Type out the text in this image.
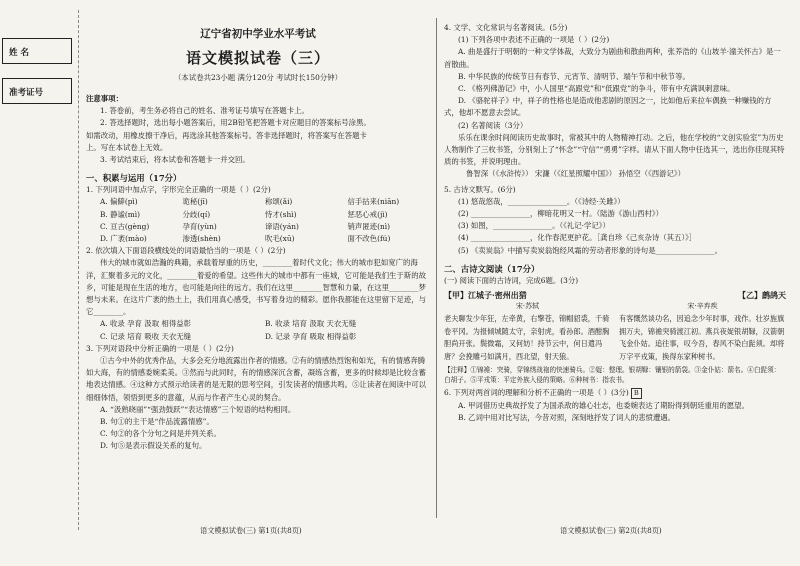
姓 名
准考证号
辽宁省初中学业水平考试
语文模拟试卷（三）
（本试卷共23小题 满分120分 考试时长150分钟）
注意事项：
1. 答卷前，考生务必将自己的姓名、准考证号填写在答题卡上。
2. 答选择题时，选出每小题答案后，用2B铅笔把答题卡对应题目的答案标号涂黑。
如需改动，用橡皮擦干净后，再选涂其他答案标号。答非选择题时，将答案写在答题卡
上。写在本试卷上无效。
3. 考试结束后，将本试卷和答题卡一并交回。
一、积累与运用（17分）
1. 下列词语中加点字，字形完全正确的一项是（ ）(2分)
A. 偏僻(pì)	诡秘(jī)	称颂(ǎi)	信手拈来(niān)
B. 静谧(mì)	分歧(qí)	恃才(shì)	惩恶心戒(jì)
C. 亘古(gèng)	孕育(yùn)	谛语(yán)	销声匿迹(nì)
D. 广袤(mào)	渗透(shèn)	吹毛(xū)	面不改色(fú)
2. 依次填入下面语段横线处的词语最恰当的一项是（ ）(2分)
伟大的城市就如浩瀚的典籍，承载着厚重的历史，________着时代文化；伟大的城市犯如宽广的海洋，汇聚着多元的文化，________着爱的希望。这些伟大的城市中都有一座城，它可能是我们生于斯的故乡，可能是现在生活的地方，也可能是向往的远方。我们在这里________智慧和力量，在这里________梦想与未来。在这片广袤的热土上，我们用真心感受，书写着身边的精彩。愿你我都能在这里留下足迹，与它________。
A. 收录 孕育 汲取 相得益彰	B. 收录 培育 汲取 天衣无缝
C. 记录 培育 吸收 天衣无缝	D. 记录 孕育 吸取 相得益彰
3. 下列对语段中分析正确的一项是（ ）(2分)
①古今中外的优秀作品，大多会充分地流露出作者的情感。②有的情感热烈饱和如光，有的情感奔腾如大海，有的情感委婉柔美。③然而与此同时，有的情感深沉含蓄，凝练含蓄，更多的时候却是比较含蓄地表达情感。④这种方式预示给读者的是无限的思考空间，引发读者的情感共鸣。⑤让读者在阅读中可以细细体悟，领悟到更多的意蕴，从而与作者产生心灵的契合。
A. “汲熟晓丽”“强劲鼓跃”“表达情感”三个短语的结构相同。
B. 句①的主干是“作品流露情感”。
C. 句②的各个分句之间是并列关系。
D. 句⑤是表示假设关系的复句。
语文模拟试卷(三) 第1页(共8页)
4. 文学、文化常识与名著阅读。(5分)
(1) 下列各项中表述不正确的一项是（ ）(2分)
A. 曲是盛行于明朝的一种文学体裁，大致分为剧曲和散曲两种，张养浩的《山坡羊·潼关怀古》是一首散曲。
B. 中华民族的传统节日有春节、元宵节、清明节、端午节和中秋节等。
C. 《格列佛游记》中，小人国里“高跟党”和“低跟党”的争斗，带有中充满讽刺意味。
D. 《骆驼祥子》中，祥子的性格也是造成他悲剧的原因之一，比如他后来拉车偶换一种赚钱的方式，他却不愿意去尝试。
(2) 名著阅读（3分）
乐乐在课余时间阅读历史故事时，常被其中的人物精神打动。之后，他在学校的“文创实验室”为历史人物制作了三枚书签，分别刻上了“怀念”“守信”“勇勇”字样。请从下面人物中任选其一，选出你佳现其特质的书签，并说明理由。
鲁智深（《水浒传》） 宋濂（《红星照耀中国》） 孙悟空（《西游记》）
5. 古诗文默写。(6分)
(1) 悠哉悠哉，________________。（《诗经·关雎》）
(2) ________________，柳暗花明又一村。（陆游《游山西村》）
(3) 如图，________________。（《礼记·学记》）
(4) ________________，化作春泥更护花。［龚自珍《己亥杂诗（其五）》］
(5) 《卖炭翁》中描写卖炭翁饱经风霜的劳动者形象的诗句是________________。
二、古诗文阅读（17分）
(一) 阅读下面的古诗词，完成6题。(3分)
【甲】江城子·密州出猎
宋·苏轼
老夫聊发少年狂，左牵黄，右擎苍，锦帽貂裘，千骑卷平冈。为报倾城随太守，亲射虎，看孙郎。酒酣胸胆尚开张。鬓微霜，又何妨！持节云中，何日遣冯唐？会挽雕弓如满月，西北望，射天狼。
【乙】鹧鸪天
宋·辛弃疾
有客慨然谈功名，因追念少年时事，戏作。壮岁旌旗拥万夫，锦襜突骑渡江初。燕兵夜娖银胡䩮，汉箭朝飞金仆姑。追往事，叹今吾，春风不染白髭须。却将万字平戎策，换得东家种树书。
【注释】①锦襜：突骑，穿锦绣战袍的快速骑兵。②娖：整理。银胡䩮：镶银的箭袋。③金仆姑：箭名。④白髭须：白胡子。⑤平戎策：平定外族入侵的策略。⑥种树书：指农书。
6. 下列对两首词的理解和分析不正确的一项是（ ）(3分) B
A. 甲词借历史典故抒发了为国杀敌的雄心壮志，也委婉表达了期盼得到朝廷重用的愿望。
B. 乙词中用对比写法，今昔对照，深刻地抒发了词人的悲愤遭遇。
语文模拟试卷(三) 第2页(共8页)
